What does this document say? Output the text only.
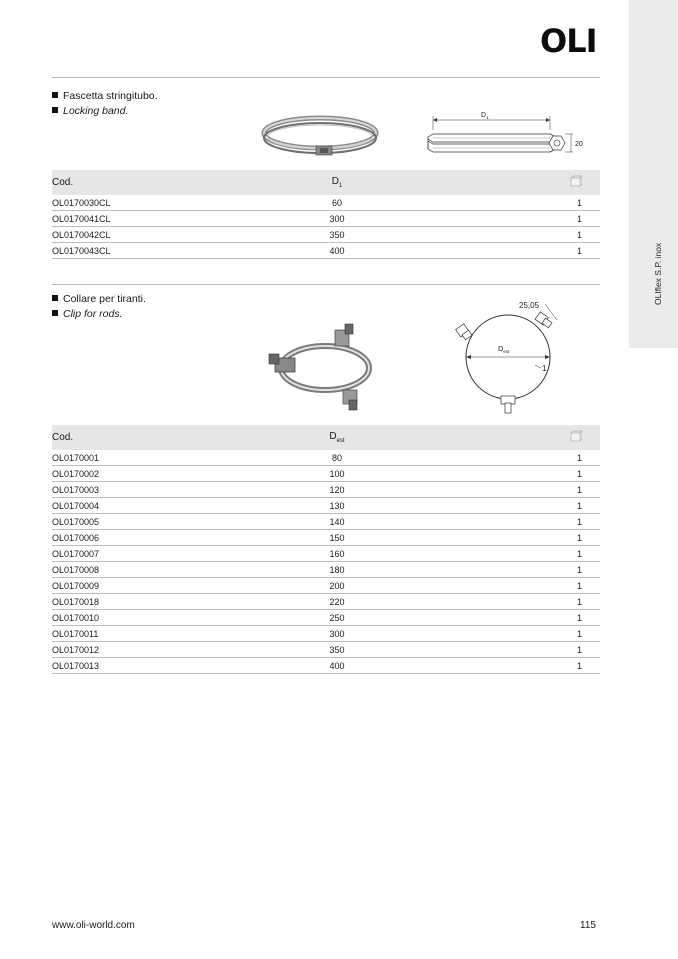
OLIflex S.P. inox
OLI
Fascetta stringitubo.
Locking band.	$D_1$
20
Cod.	$D_1$	
OL0170030CL	60	1
OL0170041CL	300	1
OL0170042CL	350	1
OL0170043CL	400	1
Collare per tiranti.
Clip for rods.
$D_{est}$
25,05
1
Cod.	$D_{est}$	
OL0170001	80	1
OL0170002	100	1
OL0170003	120	1
OL0170004	130	1
OL0170005	140	1
OL0170006	150	1
OL0170007	160	1
OL0170008	180	1
OL0170009	200	1
OL0170018	220	1
OL0170010	250	1
OL0170011	300	1
OL0170012	350	1
OL0170013	400	1
www.oli-world.com	115
